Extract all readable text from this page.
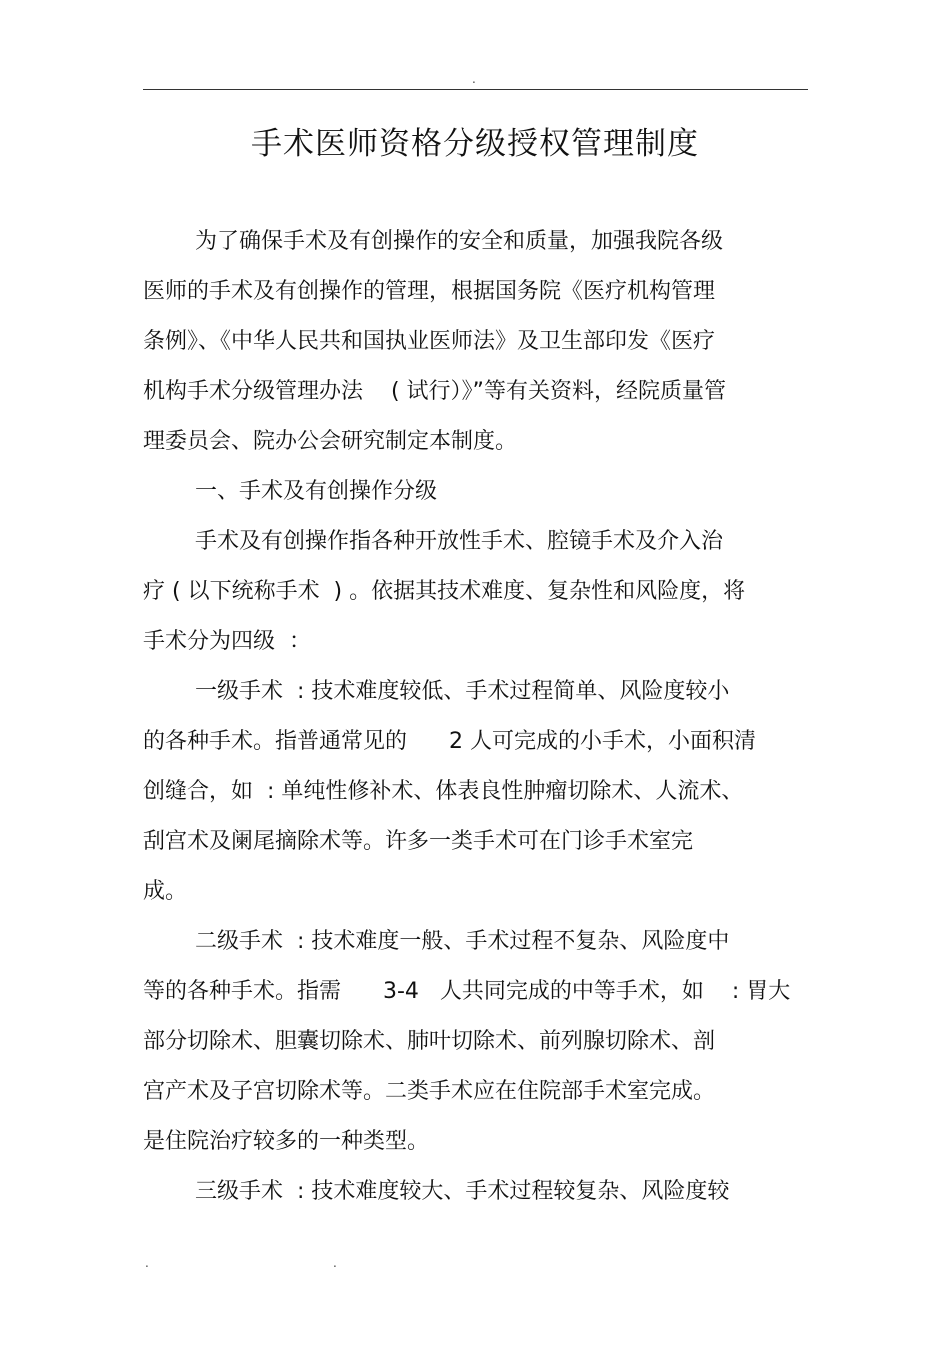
.
手术医师资格分级授权管理制度
为了确保手术及有创操作的安全和质量，加强我院各级
医师的手术及有创操作的管理，根据国务院《医疗机构管理
条例》、《中华人民共和国执业医师法》及卫生部印发《医疗
机构手术分级管理办法    ( 试行）》”等有关资料，经院质量管
理委员会、院办公会研究制定本制度。
一、手术及有创操作分级
手术及有创操作指各种开放性手术、腔镜手术及介入治
疗 ( 以下统称手术  ) 。依据其技术难度、复杂性和风险度，将
手术分为四级  ：
一级手术  : 技术难度较低、手术过程简单、风险度较小
的各种手术。指普通常见的      2 人可完成的小手术，小面积清
创缝合，如  : 单纯性修补术、体表良性肿瘤切除术、人流术、
刮宫术及阑尾摘除术等。许多一类手术可在门诊手术室完
成。
二级手术  : 技术难度一般、手术过程不复杂、风险度中
等的各种手术。指需      3-4   人共同完成的中等手术，如    : 胃大
部分切除术、胆囊切除术、肺叶切除术、前列腺切除术、剖
宫产术及子宫切除术等。二类手术应在住院部手术室完成。
是住院治疗较多的一种类型。
三级手术  : 技术难度较大、手术过程较复杂、风险度较
.	.
